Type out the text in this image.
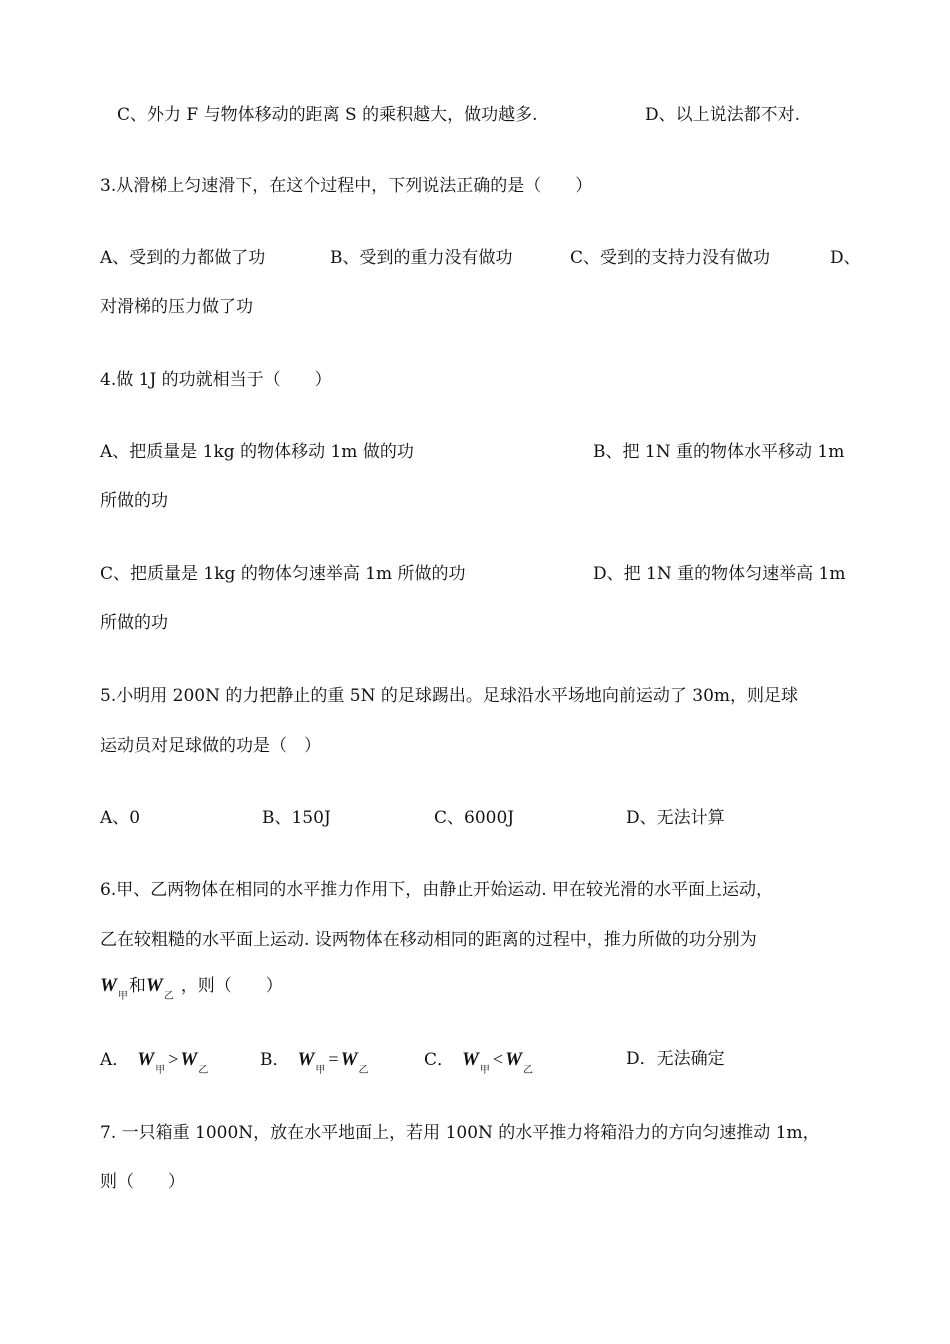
C、外力 F 与物体移动的距离 S 的乘积越大，做功越多.	D、以上说法都不对.
3.从滑梯上匀速滑下，在这个过程中，下列说法正确的是（　　）
A、受到的力都做了功	B、受到的重力没有做功	C、受到的支持力没有做功	D、
对滑梯的压力做了功
4.做 1J 的功就相当于（　　）
A、把质量是 1kg 的物体移动 1m 做的功	B、把 1N 重的物体水平移动 1m
所做的功
C、把质量是 1kg 的物体匀速举高 1m 所做的功	D、把 1N 重的物体匀速举高 1m
所做的功
5.小明用 200N 的力把静止的重 5N 的足球踢出。足球沿水平场地向前运动了 30m，则足球
运动员对足球做的功是（　）
A、0	B、150J	C、6000J	D、无法计算
6.甲、乙两物体在相同的水平推力作用下，由静止开始运动. 甲在较光滑的水平面上运动，
乙在较粗糙的水平面上运动. 设两物体在移动相同的距离的过程中，推力所做的功分别为
$W_甲$和$W_乙$，则（　　）
A． $W_甲> W_乙$
B． $W_甲= W_乙$
C． $W_甲< W_乙$
D．无法确定
7. 一只箱重 1000N，放在水平地面上，若用 100N 的水平推力将箱沿力的方向匀速推动 1m，
则（　　）
